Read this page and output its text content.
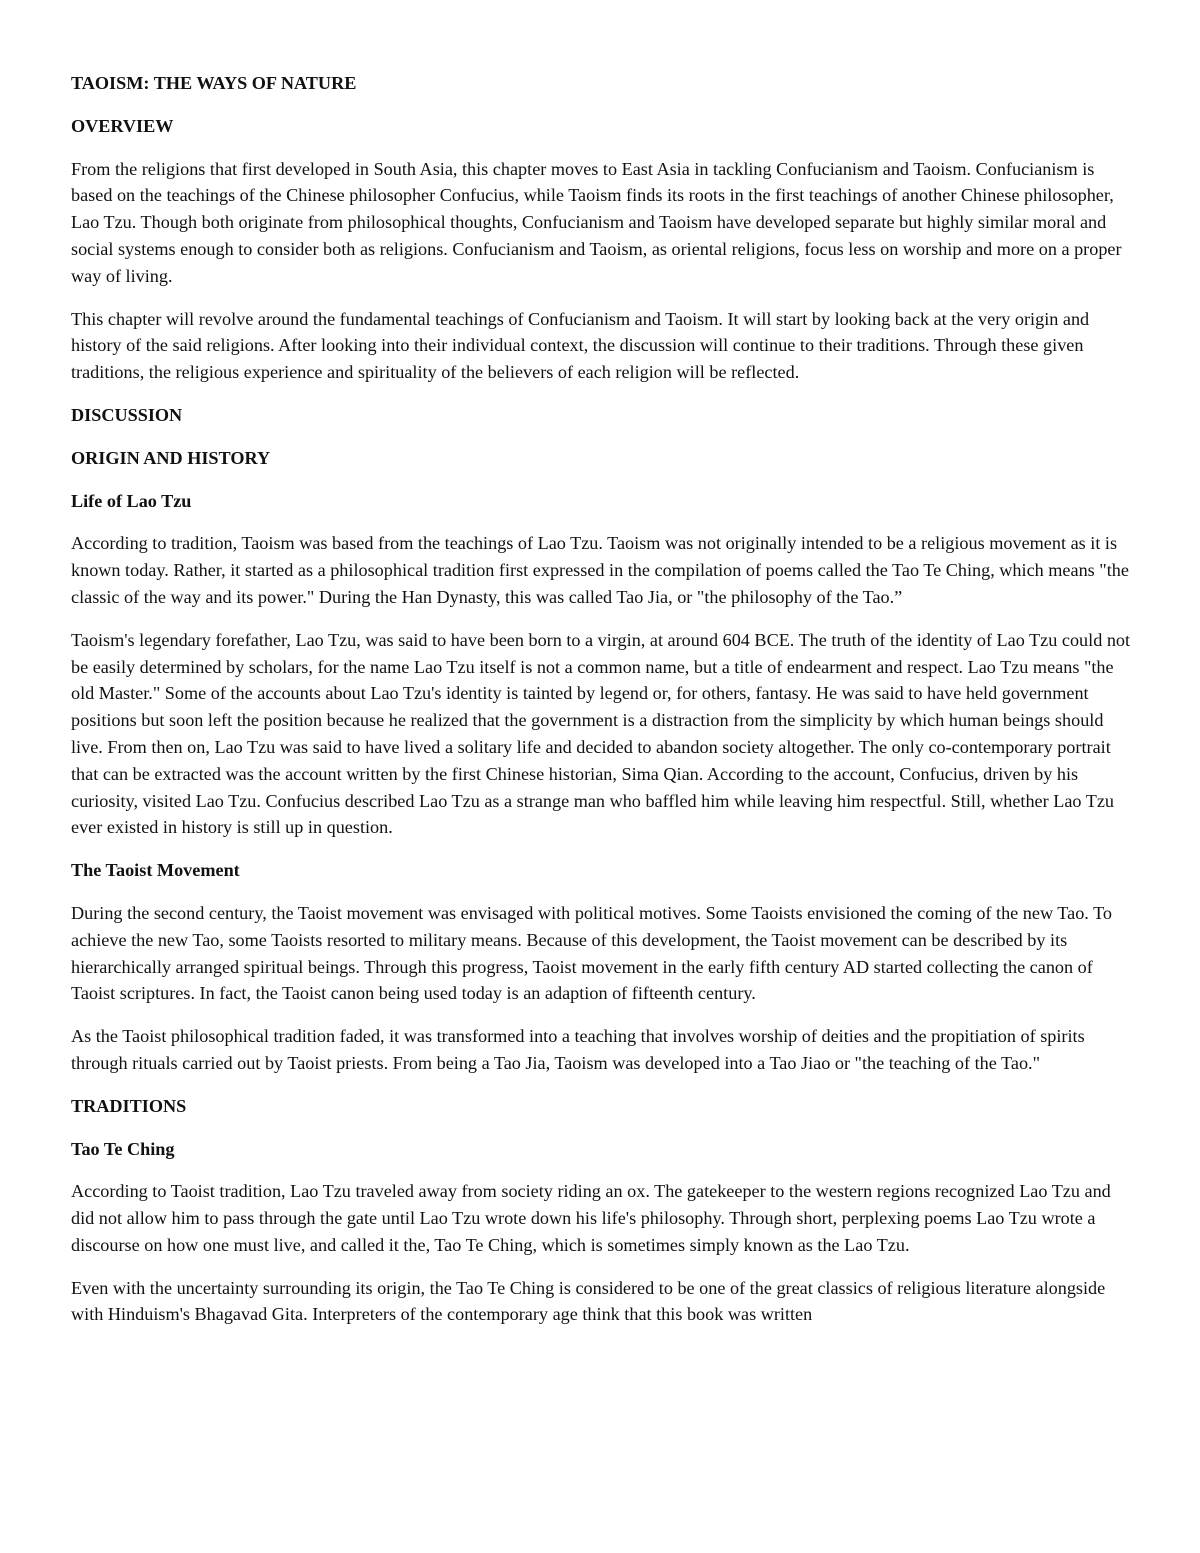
TAOISM: THE WAYS OF NATURE
OVERVIEW

From the religions that first developed in South Asia, this chapter moves to East Asia in tackling Confucianism and Taoism. Confucianism is based on the teachings of the Chinese philosopher Confucius, while Taoism finds its roots in the first teachings of another Chinese philosopher, Lao Tzu. Though both originate from philosophical thoughts, Confucianism and Taoism have developed separate but highly similar moral and social systems enough to consider both as religions. Confucianism and Taoism, as oriental religions, focus less on worship and more on a proper way of living.

This chapter will revolve around the fundamental teachings of Confucianism and Taoism. It will start by looking back at the very origin and history of the said religions. After looking into their individual context, the discussion will continue to their traditions. Through these given traditions, the religious experience and spirituality of the believers of each religion will be reflected.

DISCUSSION
ORIGIN AND HISTORY
Life of Lao Tzu

According to tradition, Taoism was based from the teachings of Lao Tzu. Taoism was not originally intended to be a religious movement as it is known today. Rather, it started as a philosophical tradition first expressed in the compilation of poems called the Tao Te Ching, which means "the classic of the way and its power." During the Han Dynasty, this was called Tao Jia, or "the philosophy of the Tao.”

Taoism's legendary forefather, Lao Tzu, was said to have been born to a virgin, at around 604 BCE. The truth of the identity of Lao Tzu could not be easily determined by scholars, for the name Lao Tzu itself is not a common name, but a title of endearment and respect. Lao Tzu means "the old Master." Some of the accounts about Lao Tzu's identity is tainted by legend or, for others, fantasy. He was said to have held government positions but soon left the position because he realized that the government is a distraction from the simplicity by which human beings should live. From then on, Lao Tzu was said to have lived a solitary life and decided to abandon society altogether. The only co-contemporary portrait that can be extracted was the account written by the first Chinese historian, Sima Qian. According to the account, Confucius, driven by his curiosity, visited Lao Tzu. Confucius described Lao Tzu as a strange man who baffled him while leaving him respectful. Still, whether Lao Tzu ever existed in history is still up in question.

The Taoist Movement

During the second century, the Taoist movement was envisaged with political motives. Some Taoists envisioned the coming of the new Tao. To achieve the new Tao, some Taoists resorted to military means. Because of this development, the Taoist movement can be described by its hierarchically arranged spiritual beings. Through this progress, Taoist movement in the early fifth century AD started collecting the canon of Taoist scriptures. In fact, the Taoist canon being used today is an adaption of fifteenth century.

As the Taoist philosophical tradition faded, it was transformed into a teaching that involves worship of deities and the propitiation of spirits through rituals carried out by Taoist priests. From being a Tao Jia, Taoism was developed into a Tao Jiao or "the teaching of the Tao."

TRADITIONS
Tao Te Ching

According to Taoist tradition, Lao Tzu traveled away from society riding an ox. The gatekeeper to the western regions recognized Lao Tzu and did not allow him to pass through the gate until Lao Tzu wrote down his life's philosophy. Through short, perplexing poems Lao Tzu wrote a discourse on how one must live, and called it the, Tao Te Ching, which is sometimes simply known as the Lao Tzu.

Even with the uncertainty surrounding its origin, the Tao Te Ching is considered to be one of the great classics of religious literature alongside with Hinduism's Bhagavad Gita. Interpreters of the contemporary age think that this book was written
